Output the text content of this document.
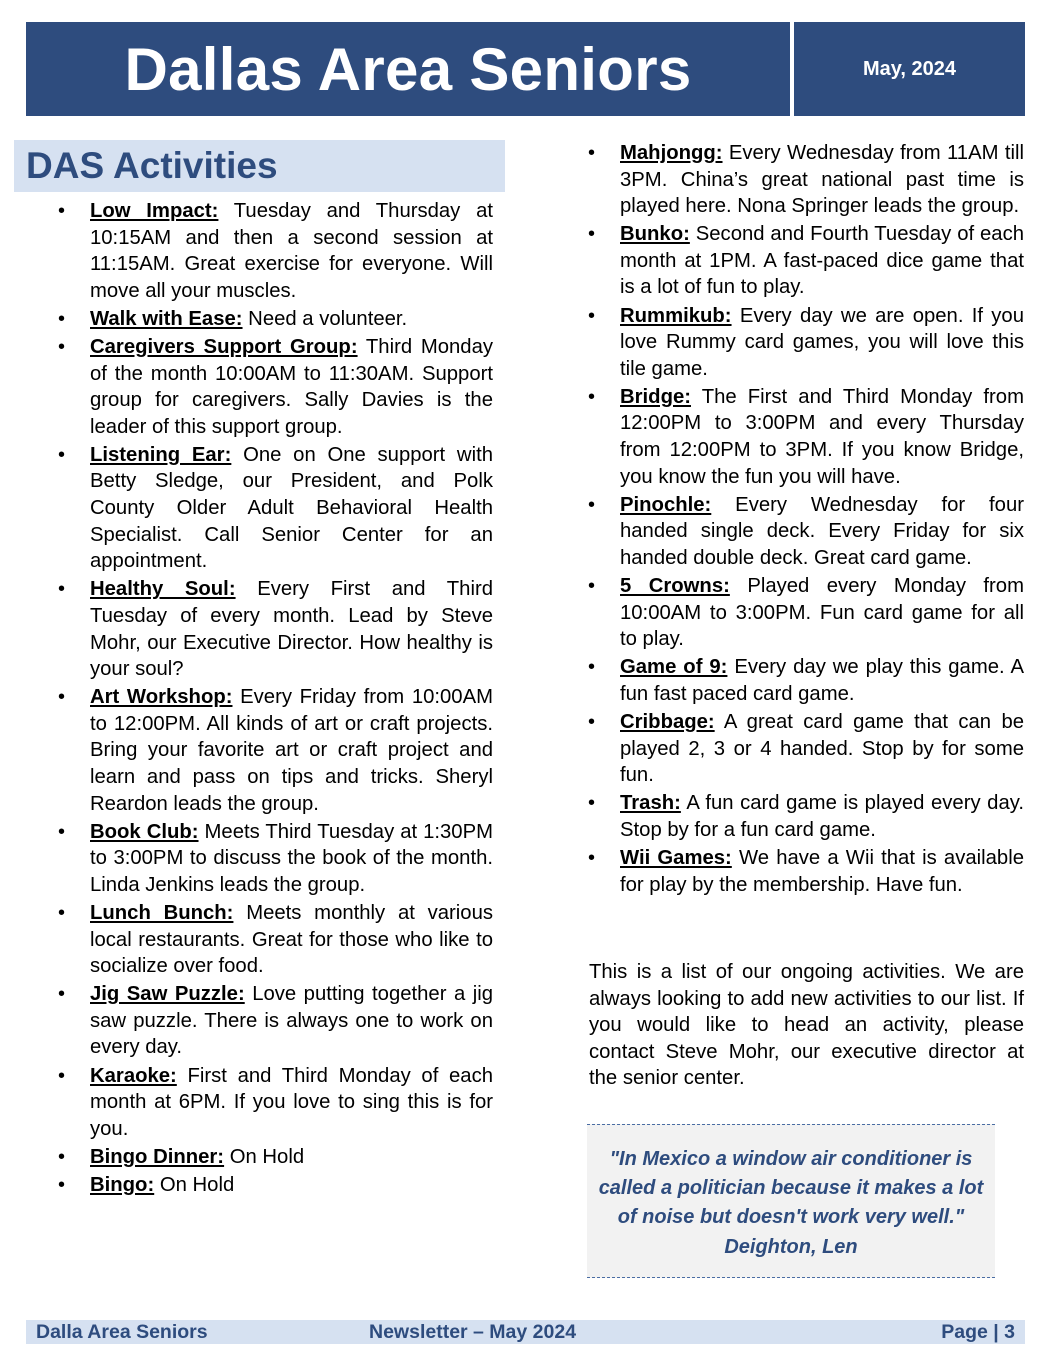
Dallas Area Seniors	May, 2024
DAS Activities
• Low Impact: Tuesday and Thursday at 10:15AM and then a second session at 11:15AM. Great exercise for everyone. Will move all your muscles.
• Walk with Ease: Need a volunteer.
• Caregivers Support Group: Third Monday of the month 10:00AM to 11:30AM. Support group for caregivers. Sally Davies is the leader of this support group.
• Listening Ear: One on One support with Betty Sledge, our President, and Polk County Older Adult Behavioral Health Specialist. Call Senior Center for an appointment.
• Healthy Soul: Every First and Third Tuesday of every month. Lead by Steve Mohr, our Executive Director. How healthy is your soul?
• Art Workshop: Every Friday from 10:00AM to 12:00PM. All kinds of art or craft projects. Bring your favorite art or craft project and learn and pass on tips and tricks. Sheryl Reardon leads the group.
• Book Club: Meets Third Tuesday at 1:30PM to 3:00PM to discuss the book of the month. Linda Jenkins leads the group.
• Lunch Bunch: Meets monthly at various local restaurants. Great for those who like to socialize over food.
• Jig Saw Puzzle: Love putting together a jig saw puzzle. There is always one to work on every day.
• Karaoke: First and Third Monday of each month at 6PM. If you love to sing this is for you.
• Bingo Dinner: On Hold
• Bingo: On Hold
• Mahjongg: Every Wednesday from 11AM till 3PM. China’s great national past time is played here. Nona Springer leads the group.
• Bunko: Second and Fourth Tuesday of each month at 1PM. A fast-paced dice game that is a lot of fun to play.
• Rummikub: Every day we are open. If you love Rummy card games, you will love this tile game.
• Bridge: The First and Third Monday from 12:00PM to 3:00PM and every Thursday from 12:00PM to 3PM. If you know Bridge, you know the fun you will have.
• Pinochle: Every Wednesday for four handed single deck. Every Friday for six handed double deck. Great card game.
• 5 Crowns: Played every Monday from 10:00AM to 3:00PM. Fun card game for all to play.
• Game of 9: Every day we play this game. A fun fast paced card game.
• Cribbage: A great card game that can be played 2, 3 or 4 handed. Stop by for some fun.
• Trash: A fun card game is played every day. Stop by for a fun card game.
• Wii Games: We have a Wii that is available for play by the membership. Have fun.
This is a list of our ongoing activities. We are always looking to add new activities to our list. If you would like to head an activity, please contact Steve Mohr, our executive director at the senior center.
"In Mexico a window air conditioner is called a politician because it makes a lot of noise but doesn't work very well."
Deighton, Len
Dalla Area Seniors	Newsletter – May 2024	Page | 3
